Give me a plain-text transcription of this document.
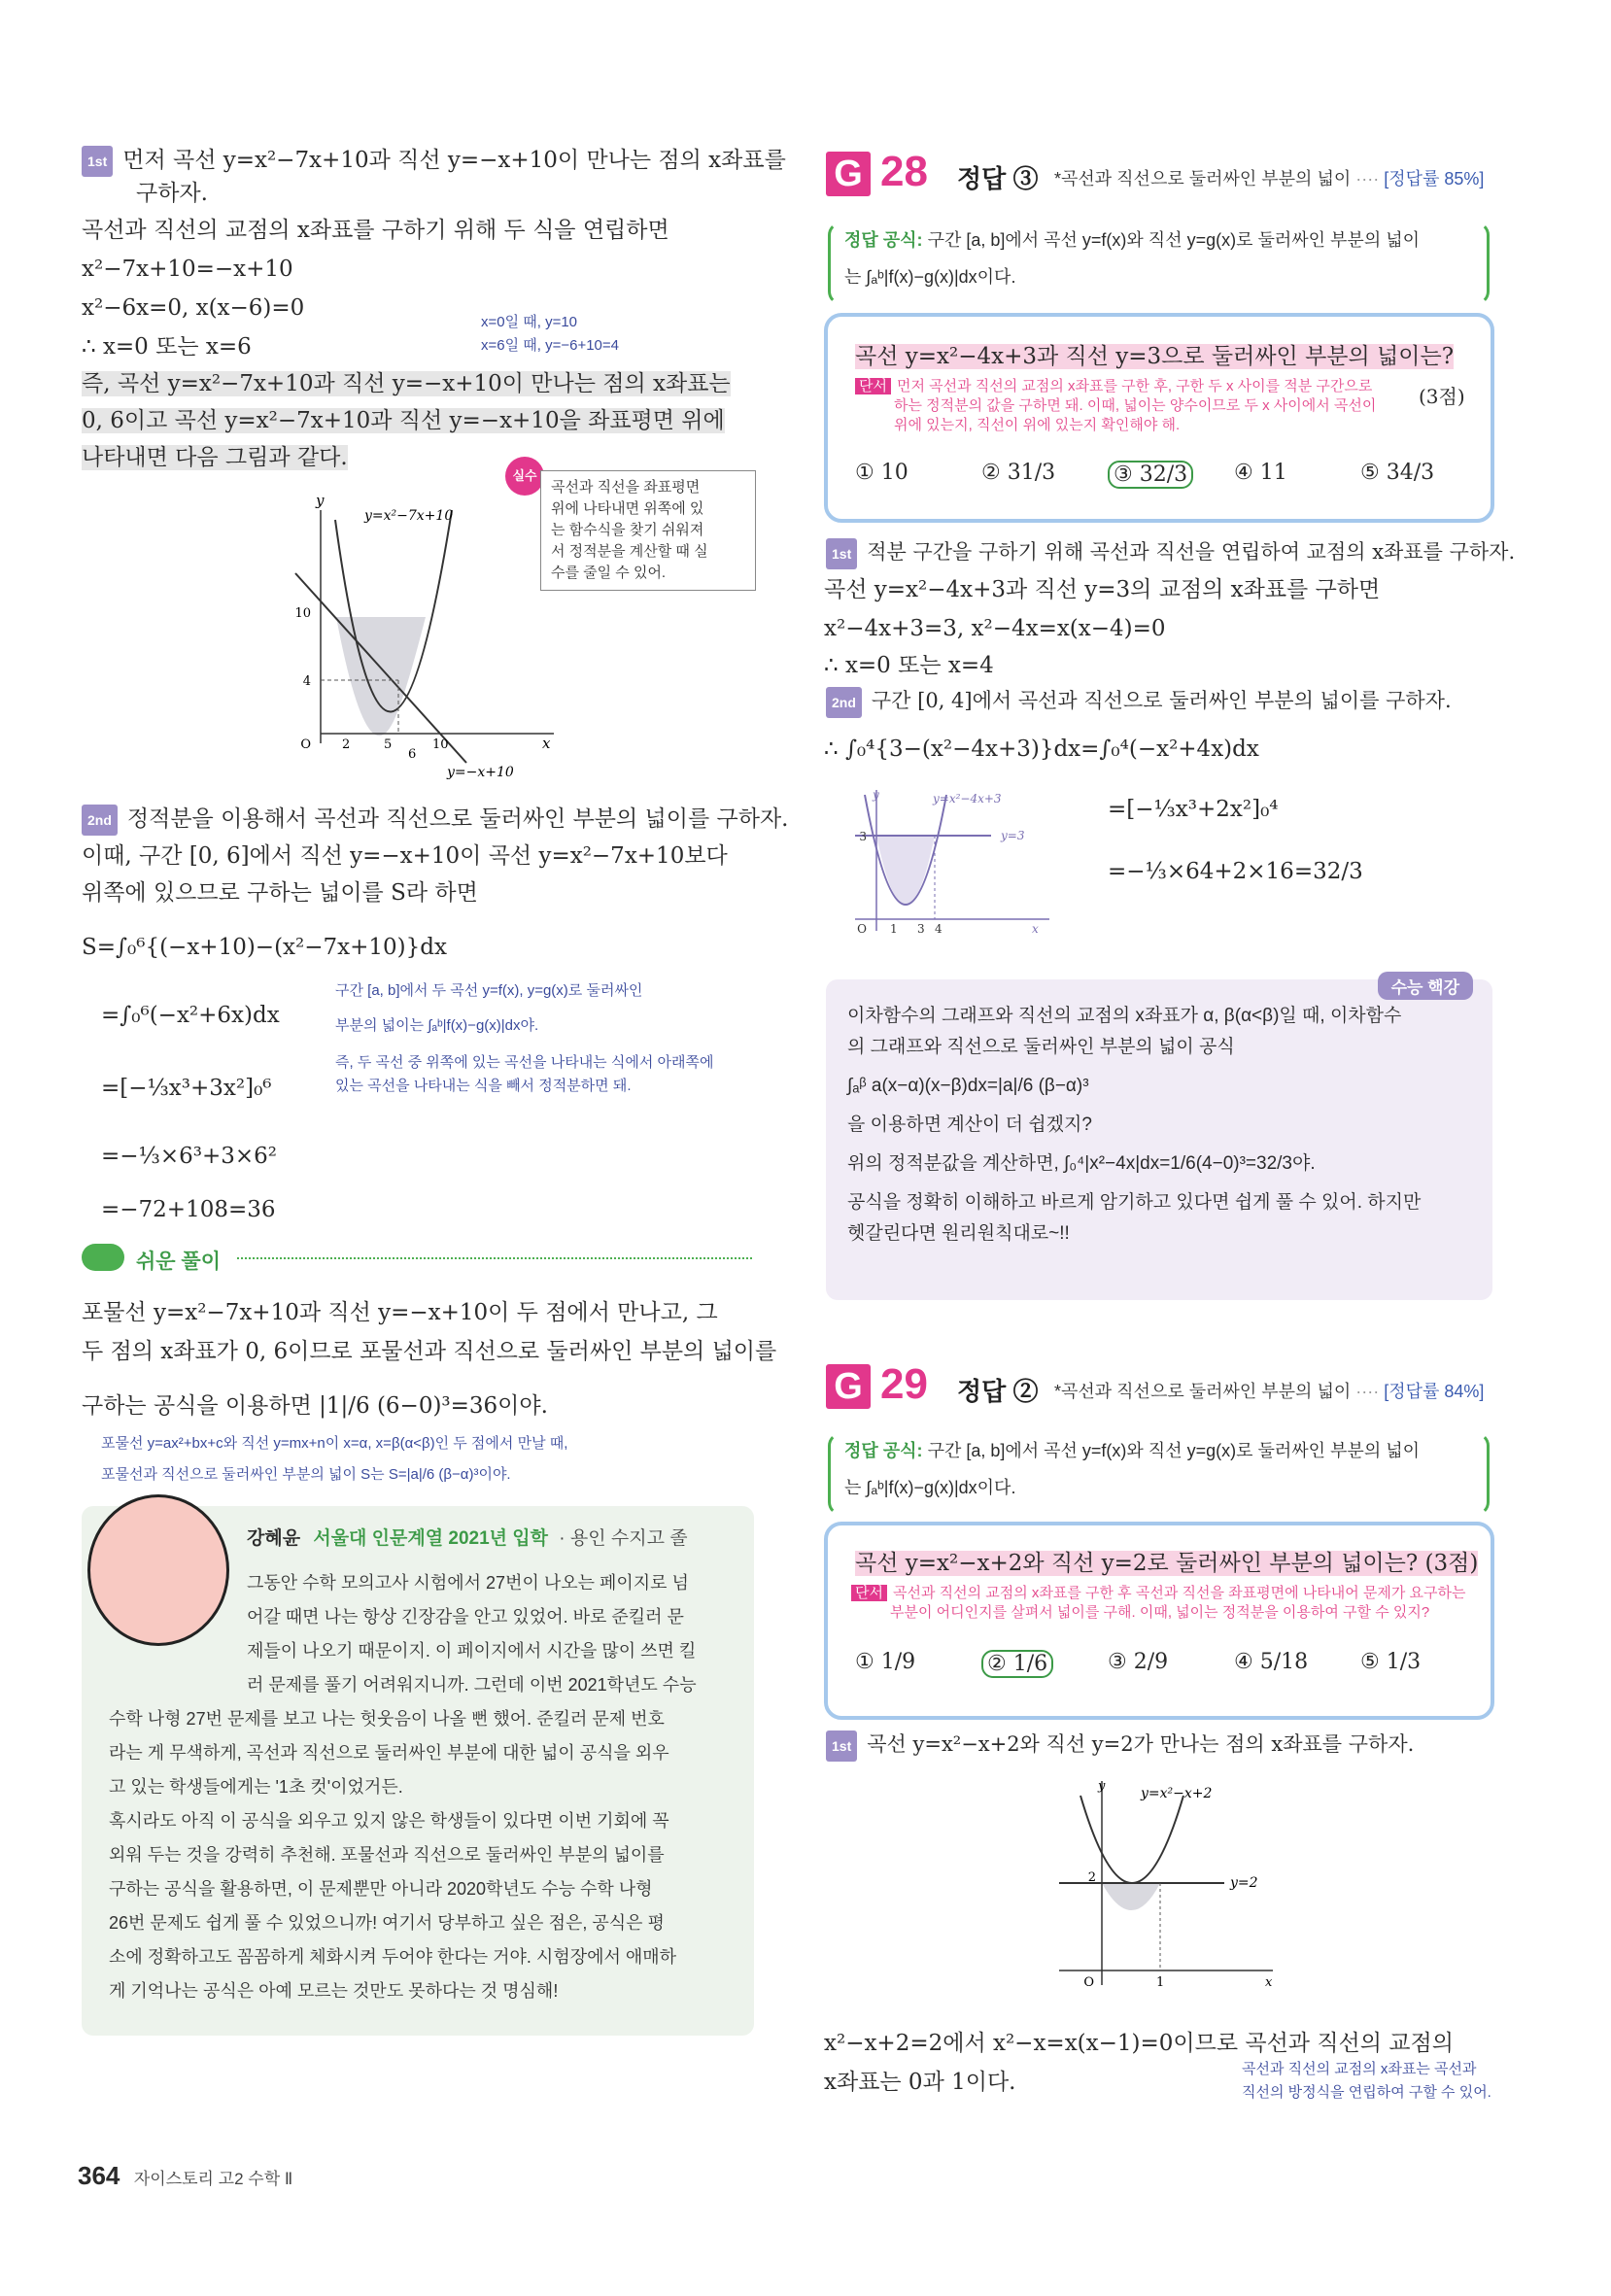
1st 먼저 곡선 y=x²−7x+10과 직선 y=−x+10이 만나는 점의 x좌표를
구하자.
곡선과 직선의 교점의 x좌표를 구하기 위해 두 식을 연립하면
x²−7x+10=−x+10
x²−6x=0, x(x−6)=0
∴ x=0 또는 x=6
x=0일 때, y=10
x=6일 때, y=−6+10=4
즉, 곡선 y=x²−7x+10과 직선 y=−x+10이 만나는 점의 x좌표는
0, 6이고 곡선 y=x²−7x+10과 직선 y=−x+10을 좌표평면 위에
나타내면 다음 그림과 같다.
실수
곡선과 직선을 좌표평면
위에 나타내면 위쪽에 있
는 함수식을 찾기 쉬워져
서 정적분을 계산할 때 실
수를 줄일 수 있어.
y
x
y=x²−7x+10
y=−x+10
10
4
O 2	5
6
10
2nd 정적분을 이용해서 곡선과 직선으로 둘러싸인 부분의 넓이를 구하자.
이때, 구간 [0, 6]에서 직선 y=−x+10이 곡선 y=x²−7x+10보다
위쪽에 있으므로 구하는 넓이를 S라 하면
S=∫₀⁶{(−x+10)−(x²−7x+10)}dx
=∫₀⁶(−x²+6x)dx
=[−⅓x³+3x²]₀⁶
=−⅓×6³+3×6²
=−72+108=36
구간 [a, b]에서 두 곡선 y=f(x), y=g(x)로 둘러싸인
부분의 넓이는 ∫ₐᵇ|f(x)−g(x)|dx야.
즉, 두 곡선 중 위쪽에 있는 곡선을 나타내는 식에서 아래쪽에
있는 곡선을 나타내는 식을 빼서 정적분하면 돼.
쉬운 풀이
포물선 y=x²−7x+10과 직선 y=−x+10이 두 점에서 만나고, 그
두 점의 x좌표가 0, 6이므로 포물선과 직선으로 둘러싸인 부분의 넓이를
구하는 공식을 이용하면 |1|/6 (6−0)³=36이야.
포물선 y=ax²+bx+c와 직선 y=mx+n이 x=α, x=β(α<β)인 두 점에서 만날 때,
포물선과 직선으로 둘러싸인 부분의 넓이 S는 S=|a|/6 (β−α)³이야.
강혜윤 서울대 인문계열 2021년 입학 · 용인 수지고 졸
그동안 수학 모의고사 시험에서 27번이 나오는 페이지로 넘
어갈 때면 나는 항상 긴장감을 안고 있었어. 바로 준킬러 문
제들이 나오기 때문이지. 이 페이지에서 시간을 많이 쓰면 킬
러 문제를 풀기 어려워지니까. 그런데 이번 2021학년도 수능
수학 나형 27번 문제를 보고 나는 헛웃음이 나올 뻔 했어. 준킬러 문제 번호
라는 게 무색하게, 곡선과 직선으로 둘러싸인 부분에 대한 넓이 공식을 외우
고 있는 학생들에게는 '1초 컷'이었거든.
혹시라도 아직 이 공식을 외우고 있지 않은 학생들이 있다면 이번 기회에 꼭
외워 두는 것을 강력히 추천해. 포물선과 직선으로 둘러싸인 부분의 넓이를
구하는 공식을 활용하면, 이 문제뿐만 아니라 2020학년도 수능 수학 나형
26번 문제도 쉽게 풀 수 있었으니까! 여기서 당부하고 싶은 점은, 공식은 평
소에 정확하고도 꼼꼼하게 체화시켜 두어야 한다는 거야. 시험장에서 애매하
게 기억나는 공식은 아예 모르는 것만도 못하다는 것 명심해!
G 28 정답 ③ *곡선과 직선으로 둘러싸인 부분의 넓이 ···· [정답률 85%]
정답 공식: 구간 [a, b]에서 곡선 y=f(x)와 직선 y=g(x)로 둘러싸인 부분의 넓이
는 ∫ₐᵇ|f(x)−g(x)|dx이다.
곡선 y=x²−4x+3과 직선 y=3으로 둘러싸인 부분의 넓이는?
(3점)
단서 먼저 곡선과 직선의 교점의 x좌표를 구한 후, 구한 두 x 사이를 적분 구간으로
하는 정적분의 값을 구하면 돼. 이때, 넓이는 양수이므로 두 x 사이에서 곡선이
위에 있는지, 직선이 위에 있는지 확인해야 해.
① 10	② 31/3	③ 32/3 ④ 11	⑤ 34/3
1st 적분 구간을 구하기 위해 곡선과 직선을 연립하여 교점의 x좌표를 구하자.
곡선 y=x²−4x+3과 직선 y=3의 교점의 x좌표를 구하면
x²−4x+3=3, x²−4x=x(x−4)=0
∴ x=0 또는 x=4
2nd 구간 [0, 4]에서 곡선과 직선으로 둘러싸인 부분의 넓이를 구하자.
∴ ∫₀⁴{3−(x²−4x+3)}dx=∫₀⁴(−x²+4x)dx
=[−⅓x³+2x²]₀⁴
=−⅓×64+2×16=32/3
y
x
y=x²−4x+3
y=3
3
O 1 3 4
수능 핵강
이차함수의 그래프와 직선의 교점의 x좌표가 α, β(α<β)일 때, 이차함수
의 그래프와 직선으로 둘러싸인 부분의 넓이 공식
∫ₐᵝ a(x−α)(x−β)dx=|a|/6 (β−α)³
을 이용하면 계산이 더 쉽겠지?
위의 정적분값을 계산하면, ∫₀⁴|x²−4x|dx=1/6(4−0)³=32/3야.
공식을 정확히 이해하고 바르게 암기하고 있다면 쉽게 풀 수 있어. 하지만
헷갈린다면 원리원칙대로~!!
G 29 정답 ② *곡선과 직선으로 둘러싸인 부분의 넓이 ···· [정답률 84%]
정답 공식: 구간 [a, b]에서 곡선 y=f(x)와 직선 y=g(x)로 둘러싸인 부분의 넓이
는 ∫ₐᵇ|f(x)−g(x)|dx이다.
곡선 y=x²−x+2와 직선 y=2로 둘러싸인 부분의 넓이는? (3점)
단서 곡선과 직선의 교점의 x좌표를 구한 후 곡선과 직선을 좌표평면에 나타내어 문제가 요구하는
부분이 어디인지를 살펴서 넓이를 구해. 이때, 넓이는 정적분을 이용하여 구할 수 있지?
① 1/9	② 1/6	③ 2/9	④ 5/18 ⑤ 1/3
1st 곡선 y=x²−x+2와 직선 y=2가 만나는 점의 x좌표를 구하자.
y
x
y=x²−x+2
y=2
2
O	1
x²−x+2=2에서 x²−x=x(x−1)=0이므로 곡선과 직선의 교점의
x좌표는 0과 1이다.
곡선과 직선의 교점의 x좌표는 곡선과
직선의 방정식을 연립하여 구할 수 있어.
364 자이스토리 고2 수학 Ⅱ
